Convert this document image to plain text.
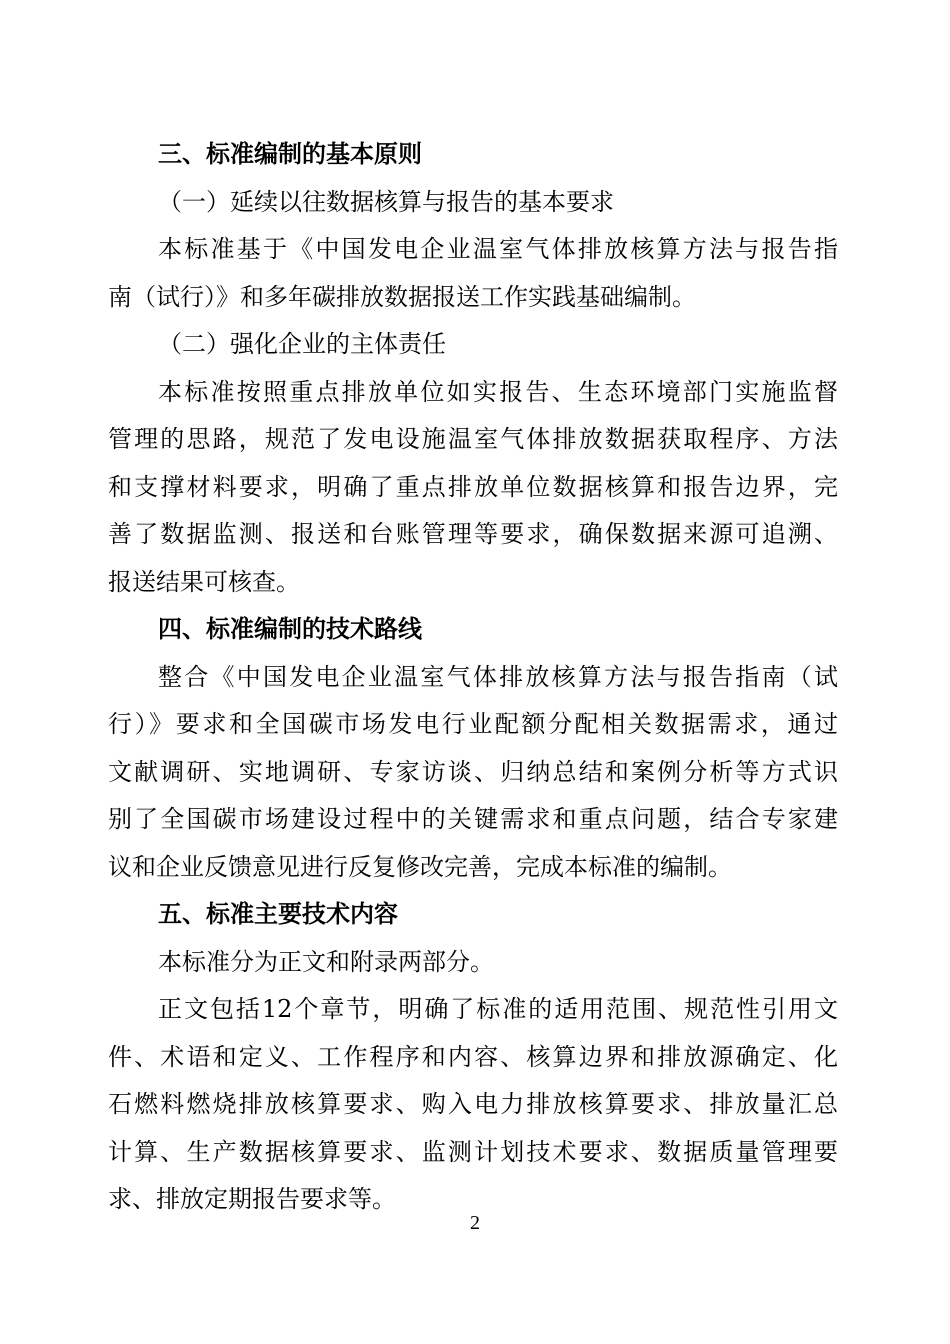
三、标准编制的基本原则
（一）延续以往数据核算与报告的基本要求
本标准基于《中国发电企业温室气体排放核算方法与报告指
南（试行）》和多年碳排放数据报送工作实践基础编制。
（二）强化企业的主体责任
本标准按照重点排放单位如实报告、生态环境部门实施监督
管理的思路，规范了发电设施温室气体排放数据获取程序、方法
和支撑材料要求，明确了重点排放单位数据核算和报告边界，完
善了数据监测、报送和台账管理等要求，确保数据来源可追溯、
报送结果可核查。
四、标准编制的技术路线
整合《中国发电企业温室气体排放核算方法与报告指南（试
行）》要求和全国碳市场发电行业配额分配相关数据需求，通过
文献调研、实地调研、专家访谈、归纳总结和案例分析等方式识
别了全国碳市场建设过程中的关键需求和重点问题，结合专家建
议和企业反馈意见进行反复修改完善，完成本标准的编制。
五、标准主要技术内容
本标准分为正文和附录两部分。
正文包括12个章节，明确了标准的适用范围、规范性引用文
件、术语和定义、工作程序和内容、核算边界和排放源确定、化
石燃料燃烧排放核算要求、购入电力排放核算要求、排放量汇总
计算、生产数据核算要求、监测计划技术要求、数据质量管理要
求、排放定期报告要求等。
2
